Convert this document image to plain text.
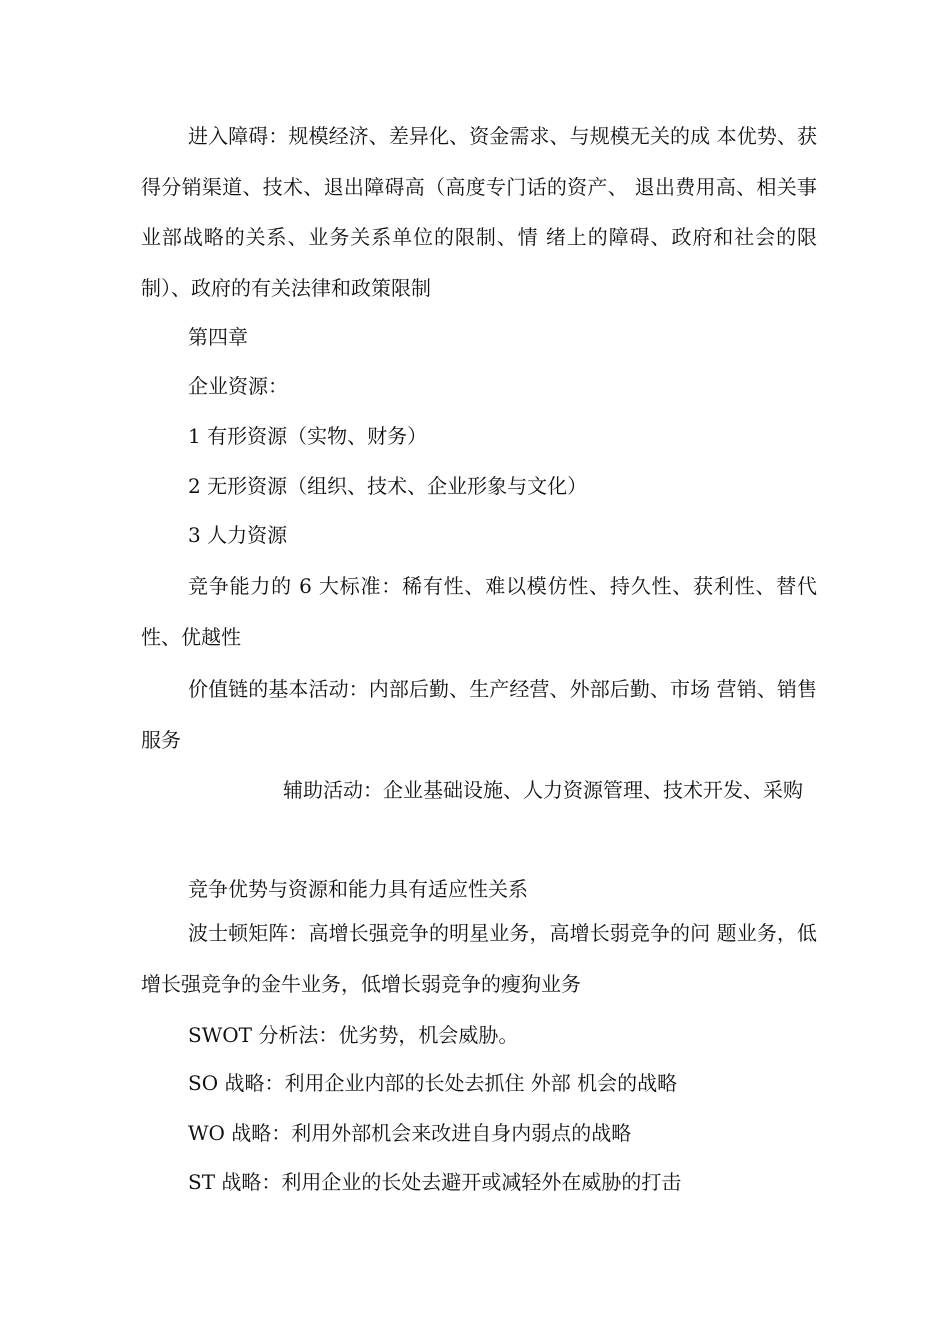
进入障碍：规模经济、差异化、资金需求、与规模无关的成 本优势、获得分销渠道、技术、退出障碍高（高度专门话的资产、 退出费用高、相关事业部战略的关系、业务关系单位的限制、情 绪上的障碍、政府和社会的限制）、政府的有关法律和政策限制

第四章

企业资源：

1 有形资源（实物、财务）

2 无形资源（组织、技术、企业形象与文化）

3 人力资源

竞争能力的 6 大标准：稀有性、难以模仿性、持久性、获利性、替代性、优越性

价值链的基本活动：内部后勤、生产经营、外部后勤、市场 营销、销售服务

辅助活动：企业基础设施、人力资源管理、技术开发、采购

竞争优势与资源和能力具有适应性关系

波士顿矩阵：高增长强竞争的明星业务，高增长弱竞争的问 题业务，低增长强竞争的金牛业务，低增长弱竞争的瘦狗业务

SWOT 分析法：优劣势，机会威胁。

SO 战略：利用企业内部的长处去抓住 外部 机会的战略

WO 战略：利用外部机会来改进自身内弱点的战略

ST 战略：利用企业的长处去避开或减轻外在威胁的打击
